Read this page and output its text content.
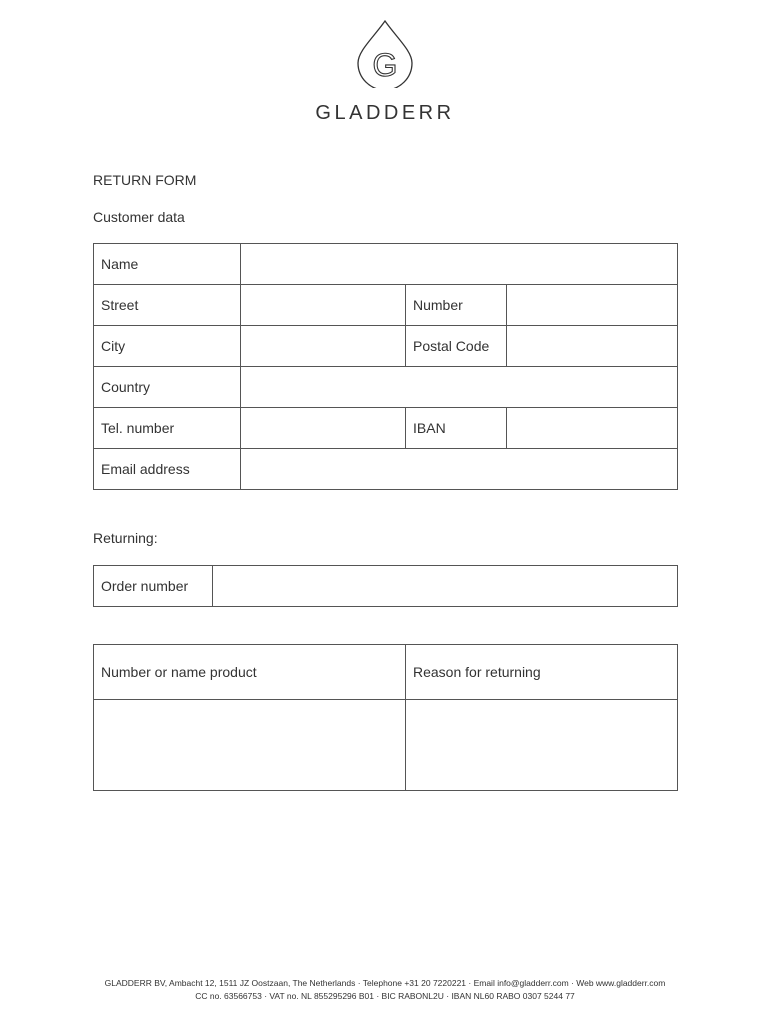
G
GLADDERR
RETURN FORM
Customer data
Name			
Street		Number	
City		Postal Code	
Country			
Tel. number		IBAN	
Email address			
Returning:
Order number	
Number or name product	Reason for returning

GLADDERR BV, Ambacht 12, 1511 JZ Oostzaan, The Netherlands · Telephone +31 20 7220221 · Email info@gladderr.com · Web www.gladderr.com
CC no. 63566753 · VAT no. NL 855295296 B01 · BIC RABONL2U · IBAN NL60 RABO 0307 5244 77
